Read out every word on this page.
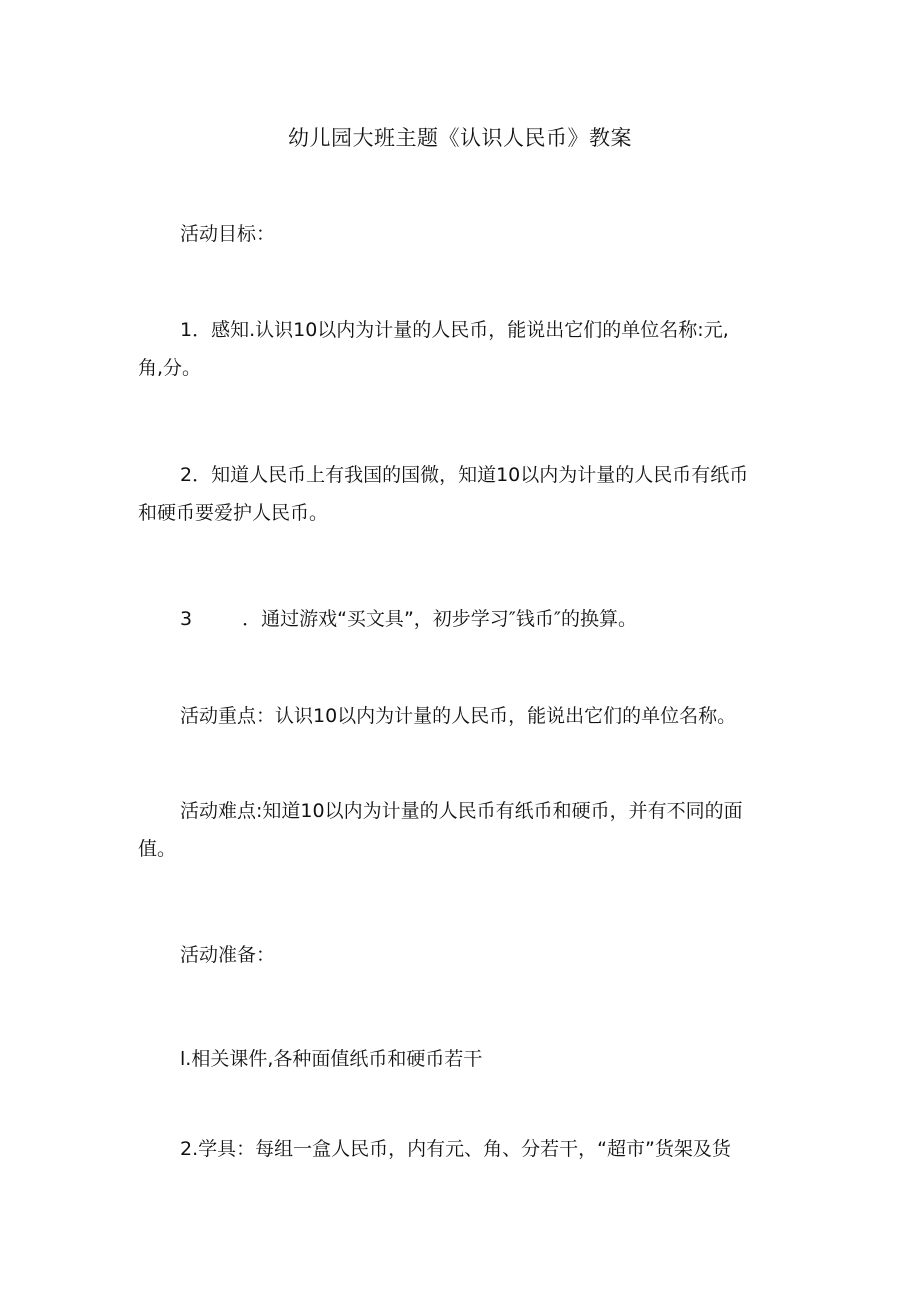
幼儿园大班主题《认识人民币》教案
活动目标：
1．感知.认识10以内为计量的人民币，能说出它们的单位名称:元,
角,分。
2．知道人民币上有我国的国微，知道10以内为计量的人民币有纸币
和硬币要爱护人民币。
3	．通过游戏“买文具”，初步学习″钱币″的换算。
活动重点：认识10以内为计量的人民币，能说出它们的单位名称。
活动难点:知道10以内为计量的人民币有纸币和硬币，并有不同的面
值。
活动准备：
l.相关课件,各种面值纸币和硬币若干
2.学具：每组一盒人民币，内有元、角、分若干，“超市”货架及货
